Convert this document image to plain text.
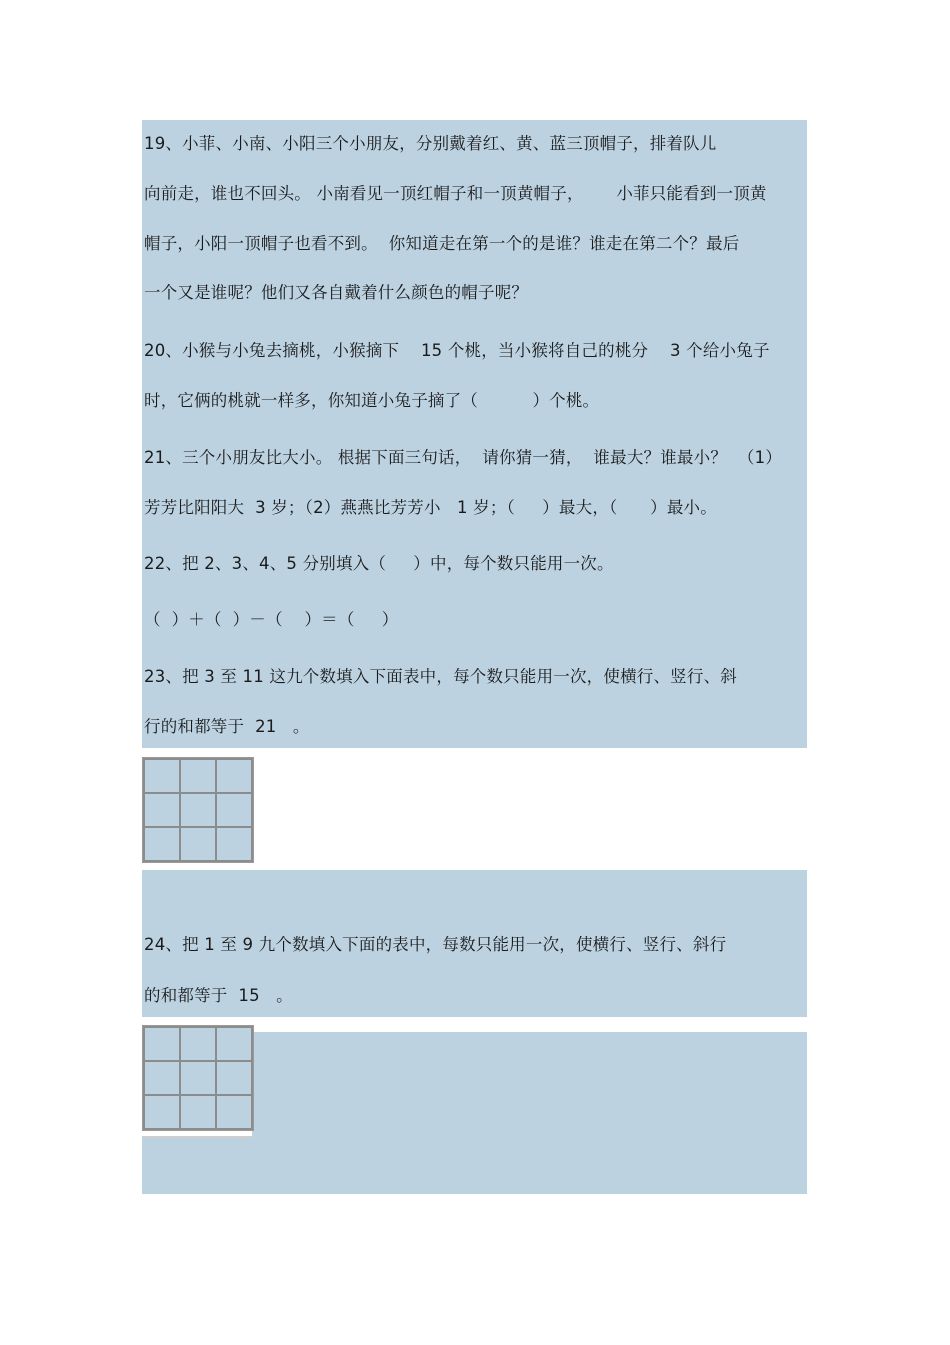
19、小菲、小南、小阳三个小朋友，分别戴着红、黄、蓝三顶帽子，排着队儿
向前走，谁也不回头。 小南看见一顶红帽子和一顶黄帽子，      小菲只能看到一顶黄
帽子，小阳一顶帽子也看不到。  你知道走在第一个的是谁？谁走在第二个？最后
一个又是谁呢？他们又各自戴着什么颜色的帽子呢？
20、小猴与小兔去摘桃，小猴摘下    15 个桃，当小猴将自己的桃分    3 个给小兔子
时，它俩的桃就一样多，你知道小兔子摘了（          ）个桃。
21、三个小朋友比大小。 根据下面三句话，  请你猜一猜，  谁最大？谁最小？  （1）
芳芳比阳阳大  3 岁；（2）燕燕比芳芳小   1 岁；（     ）最大，（      ）最小。
22、把 2、3、4、5 分别填入（     ）中，每个数只能用一次。
（  ）＋（  ）－（    ）＝（     ）
23、把 3 至 11 这九个数填入下面表中，每个数只能用一次，使横行、竖行、斜
行的和都等于  21   。
24、把 1 至 9 九个数填入下面的表中，每数只能用一次，使横行、竖行、斜行
的和都等于  15   。
